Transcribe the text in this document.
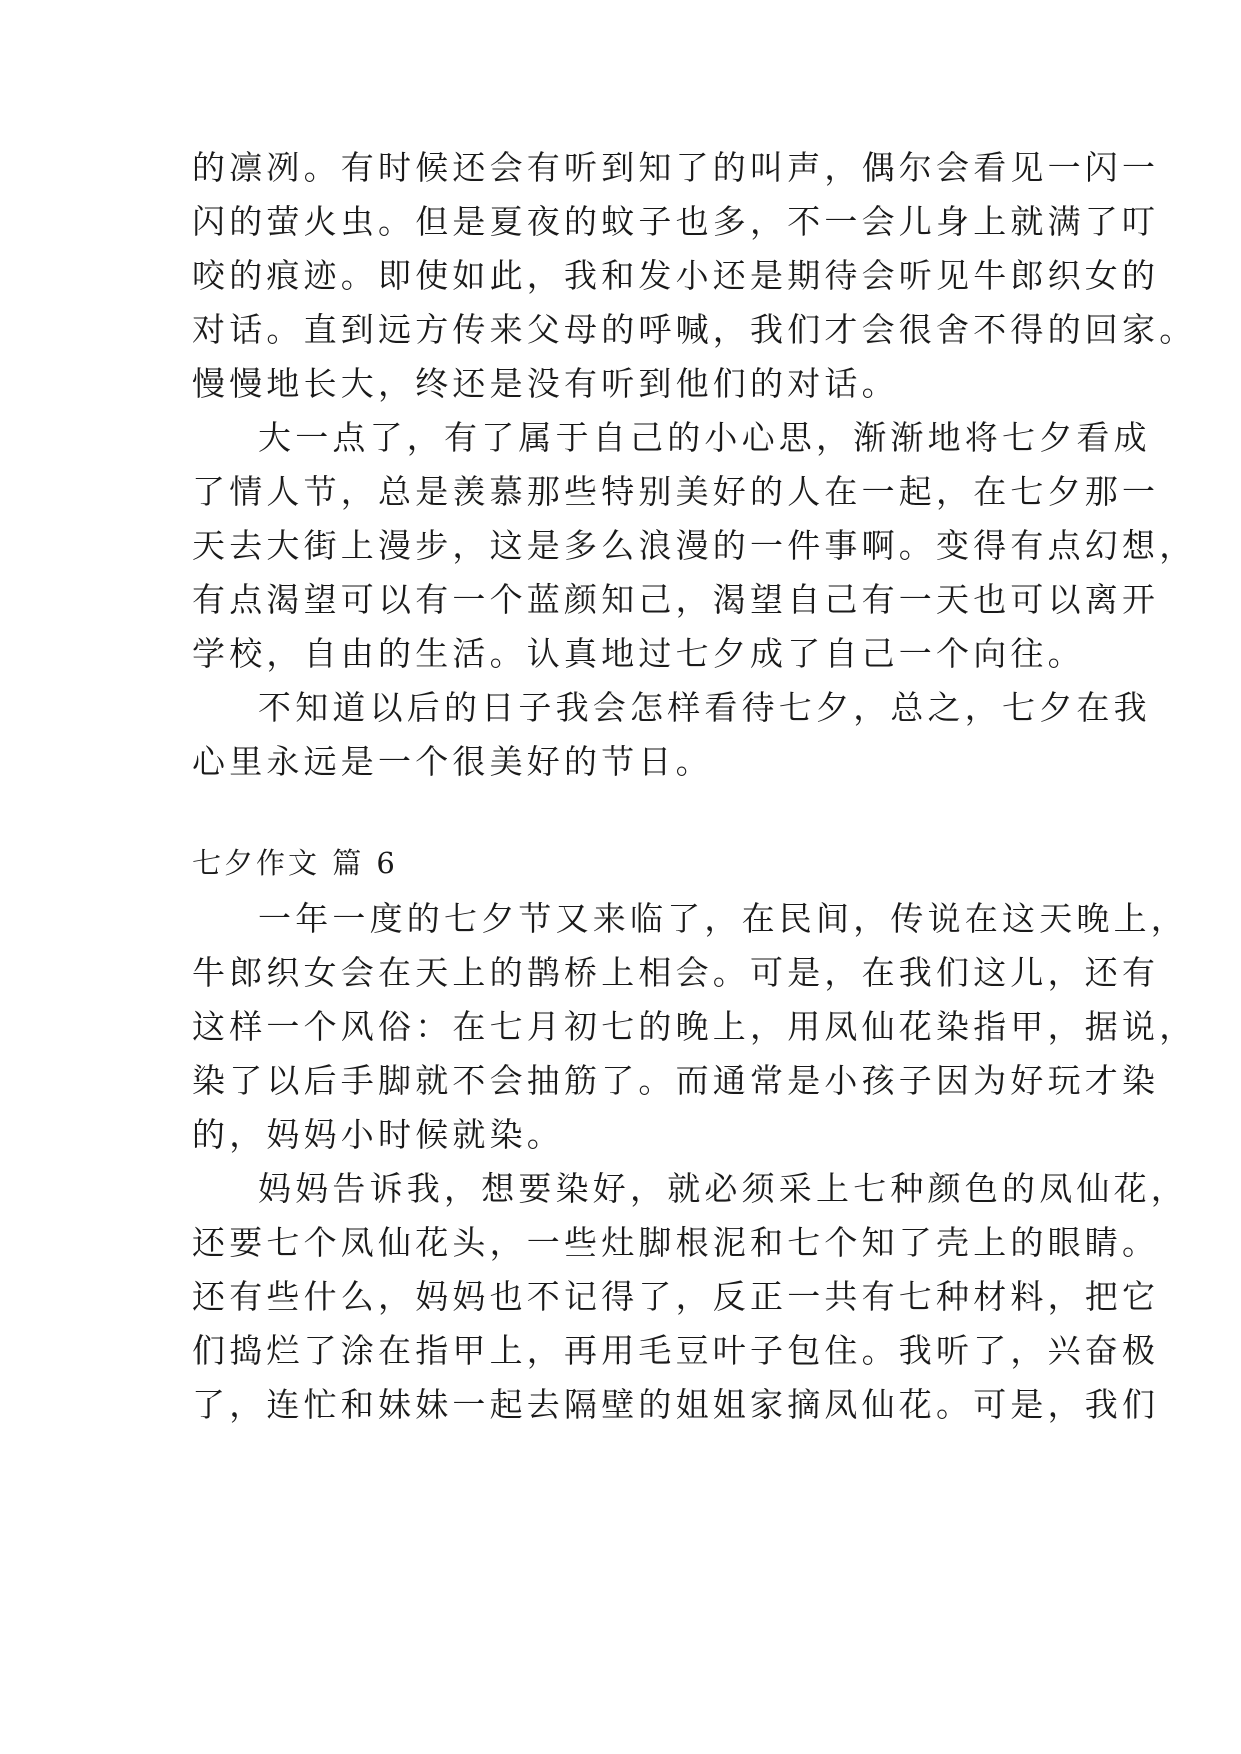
的凛冽。有时候还会有听到知了的叫声，偶尔会看见一闪一
闪的萤火虫。但是夏夜的蚊子也多，不一会儿身上就满了叮
咬的痕迹。即使如此，我和发小还是期待会听见牛郎织女的
对话。直到远方传来父母的呼喊，我们才会很舍不得的回家。
慢慢地长大，终还是没有听到他们的对话。
大一点了，有了属于自己的小心思，渐渐地将七夕看成
了情人节，总是羡慕那些特别美好的人在一起，在七夕那一
天去大街上漫步，这是多么浪漫的一件事啊。变得有点幻想，
有点渴望可以有一个蓝颜知己，渴望自己有一天也可以离开
学校，自由的生活。认真地过七夕成了自己一个向往。
不知道以后的日子我会怎样看待七夕，总之，七夕在我
心里永远是一个很美好的节日。
七夕作文 篇 6
一年一度的七夕节又来临了，在民间，传说在这天晚上，
牛郎织女会在天上的鹊桥上相会。可是，在我们这儿，还有
这样一个风俗：在七月初七的晚上，用凤仙花染指甲，据说，
染了以后手脚就不会抽筋了。而通常是小孩子因为好玩才染
的，妈妈小时候就染。
妈妈告诉我，想要染好，就必须采上七种颜色的凤仙花，
还要七个凤仙花头，一些灶脚根泥和七个知了壳上的眼睛。
还有些什么，妈妈也不记得了，反正一共有七种材料，把它
们捣烂了涂在指甲上，再用毛豆叶子包住。我听了，兴奋极
了，连忙和妹妹一起去隔壁的姐姐家摘凤仙花。可是，我们
